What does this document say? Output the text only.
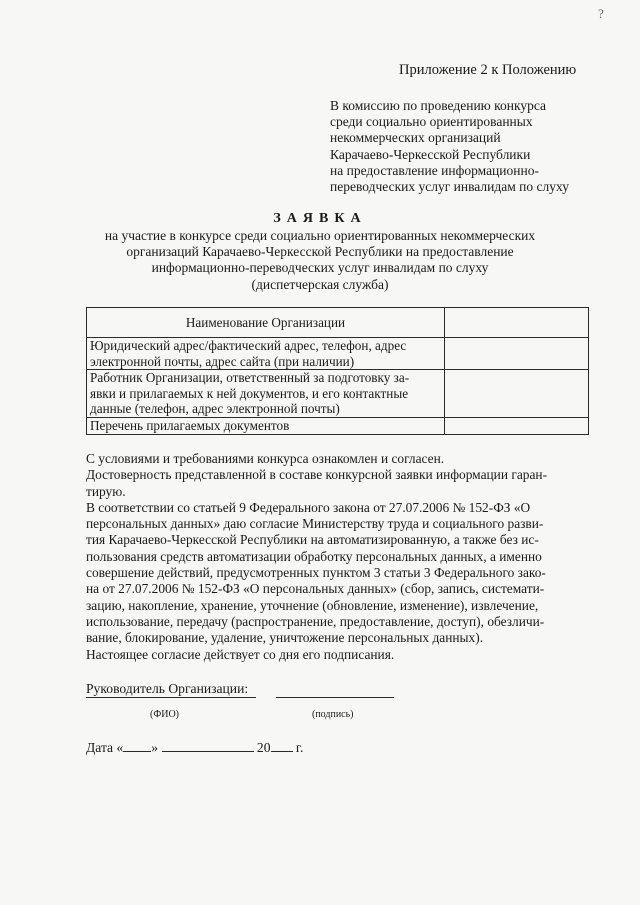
?
Приложение 2 к Положению
В комиссию по проведению конкурса
среди социально ориентированных
некоммерческих организаций
Карачаево-Черкесской Республики
на предоставление информационно-
переводческих услуг инвалидам по слуху
ЗАЯВКА
на участие в конкурсе среди социально ориентированных некоммерческих
организаций Карачаево-Черкесской Республики на предоставление
информационно-переводческих услуг инвалидам по слуху
(диспетчерская служба)
Наименование Организации	

Юридический адрес/фактический адрес, телефон, адрес
электронной почты, адрес сайта (при наличии)	

Работник Организации, ответственный за подготовку за-
явки и прилагаемых к ней документов, и его контактные
данные (телефон, адрес электронной почты)	

Перечень прилагаемых документов	

С условиями и требованиями конкурса ознакомлен и согласен.
Достоверность представленной в составе конкурсной заявки информации гаран-
тирую.
В соответствии со статьей 9 Федерального закона от 27.07.2006 № 152-ФЗ «О
персональных данных» даю согласие Министерству труда и социального разви-
тия Карачаево-Черкесской Республики на автоматизированную, а также без ис-
пользования средств автоматизации обработку персональных данных, а именно
совершение действий, предусмотренных пунктом 3 статьи 3 Федерального зако-
на от 27.07.2006 № 152-ФЗ «О персональных данных» (сбор, запись, системати-
зацию, накопление, хранение, уточнение (обновление, изменение), извлечение,
использование, передачу (распространение, предоставление, доступ), обезличи-
вание, блокирование, удаление, уничтожение персональных данных).
Настоящее согласие действует со дня его подписания.
Руководитель Организации:
(ФИО)	(подпись)
Дата « »	20 г.
